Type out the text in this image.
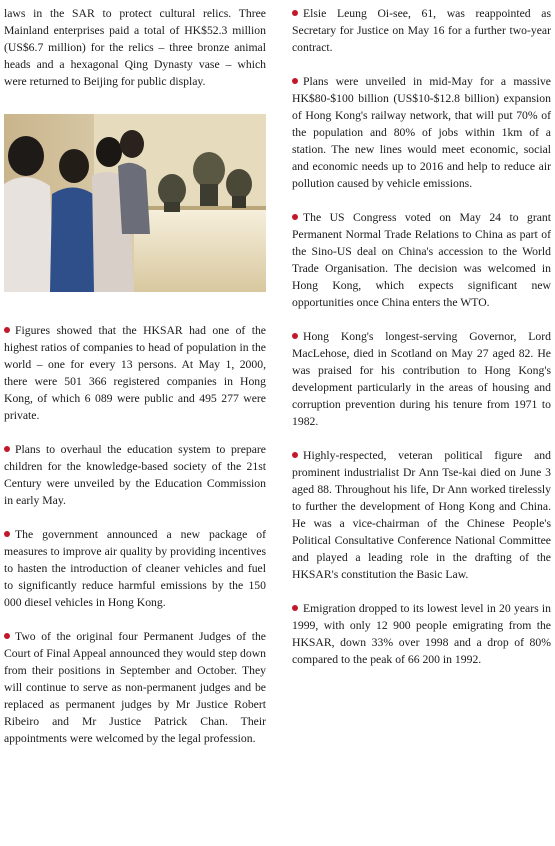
laws in the SAR to protect cultural relics. Three Mainland enterprises paid a total of HK$52.3 million (US$6.7 million) for the relics – three bronze animal heads and a hexagonal Qing Dynasty vase – which were returned to Beijing for public display.

Figures showed that the HKSAR had one of the highest ratios of companies to head of population in the world – one for every 13 persons. At May 1, 2000, there were 501 366 registered companies in Hong Kong, of which 6 089 were public and 495 277 were private.

Plans to overhaul the education system to prepare children for the knowledge-based society of the 21st Century were unveiled by the Education Commission in early May.

The government announced a new package of measures to improve air quality by providing incentives to hasten the introduction of cleaner vehicles and fuel to significantly reduce harmful emissions by the 150 000 diesel vehicles in Hong Kong.

Two of the original four Permanent Judges of the Court of Final Appeal announced they would step down from their positions in September and October. They will continue to serve as non-permanent judges and be replaced as permanent judges by Mr Justice Robert Ribeiro and Mr Justice Patrick Chan. Their appointments were welcomed by the legal profession.

Elsie Leung Oi-see, 61, was reappointed as Secretary for Justice on May 16 for a further two-year contract.

Plans were unveiled in mid-May for a massive HK$80-$100 billion (US$10-$12.8 billion) expansion of Hong Kong's railway network, that will put 70% of the population and 80% of jobs within 1km of a station. The new lines would meet economic, social and economic needs up to 2016 and help to reduce air pollution caused by vehicle emissions.

The US Congress voted on May 24 to grant Permanent Normal Trade Relations to China as part of the Sino-US deal on China's accession to the World Trade Organisation. The decision was welcomed in Hong Kong, which expects significant new opportunities once China enters the WTO.

Hong Kong's longest-serving Governor, Lord MacLehose, died in Scotland on May 27 aged 82. He was praised for his contribution to Hong Kong's development particularly in the areas of housing and corruption prevention during his tenure from 1971 to 1982.

Highly-respected, veteran political figure and prominent industrialist Dr Ann Tse-kai died on June 3 aged 88. Throughout his life, Dr Ann worked tirelessly to further the development of Hong Kong and China. He was a vice-chairman of the Chinese People's Political Consultative Conference National Committee and played a leading role in the drafting of the HKSAR's constitution the Basic Law.

Emigration dropped to its lowest level in 20 years in 1999, with only 12 900 people emigrating from the HKSAR, down 33% over 1998 and a drop of 80% compared to the peak of 66 200 in 1992.
